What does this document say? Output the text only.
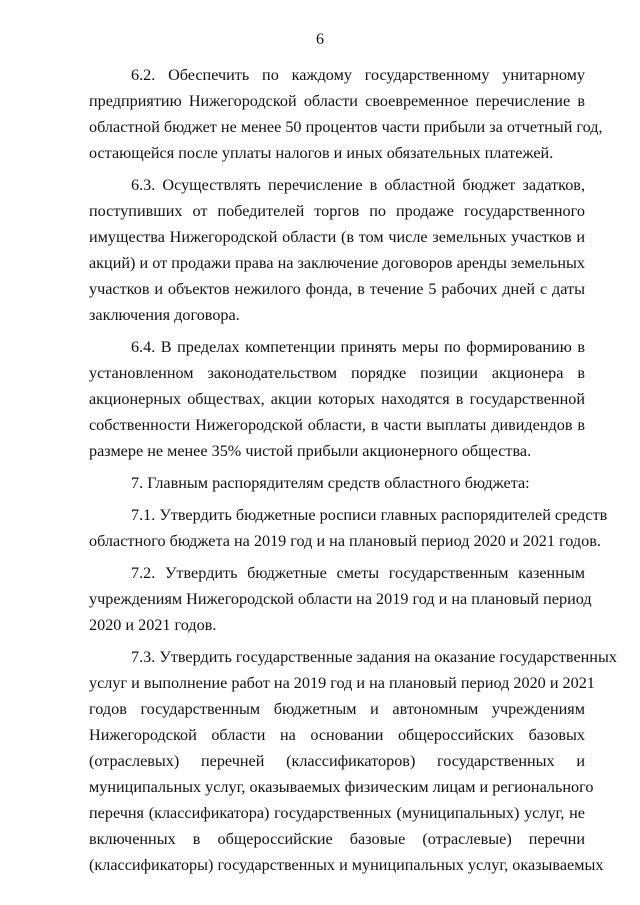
6
6.2. Обеспечить по каждому государственному унитарному
предприятию Нижегородской области своевременное перечисление в
областной бюджет не менее 50 процентов части прибыли за отчетный год,
остающейся после уплаты налогов и иных обязательных платежей.
6.3. Осуществлять перечисление в областной бюджет задатков,
поступивших от победителей торгов по продаже государственного
имущества Нижегородской области (в том числе земельных участков и
акций) и от продажи права на заключение договоров аренды земельных
участков и объектов нежилого фонда, в течение 5 рабочих дней с даты
заключения договора.
6.4. В пределах компетенции принять меры по формированию в
установленном законодательством порядке позиции акционера в
акционерных обществах, акции которых находятся в государственной
собственности Нижегородской области, в части выплаты дивидендов в
размере не менее 35% чистой прибыли акционерного общества.
7. Главным распорядителям средств областного бюджета:
7.1. Утвердить бюджетные росписи главных распорядителей средств
областного бюджета на 2019 год и на плановый период 2020 и 2021 годов.
7.2. Утвердить бюджетные сметы государственным казенным
учреждениям Нижегородской области на 2019 год и на плановый период
2020 и 2021 годов.
7.3. Утвердить государственные задания на оказание государственных
услуг и выполнение работ на 2019 год и на плановый период 2020 и 2021
годов государственным бюджетным и автономным учреждениям
Нижегородской области на основании общероссийских базовых
(отраслевых) перечней (классификаторов) государственных и
муниципальных услуг, оказываемых физическим лицам и регионального
перечня (классификатора) государственных (муниципальных) услуг, не
включенных в общероссийские базовые (отраслевые) перечни
(классификаторы) государственных и муниципальных услуг, оказываемых
